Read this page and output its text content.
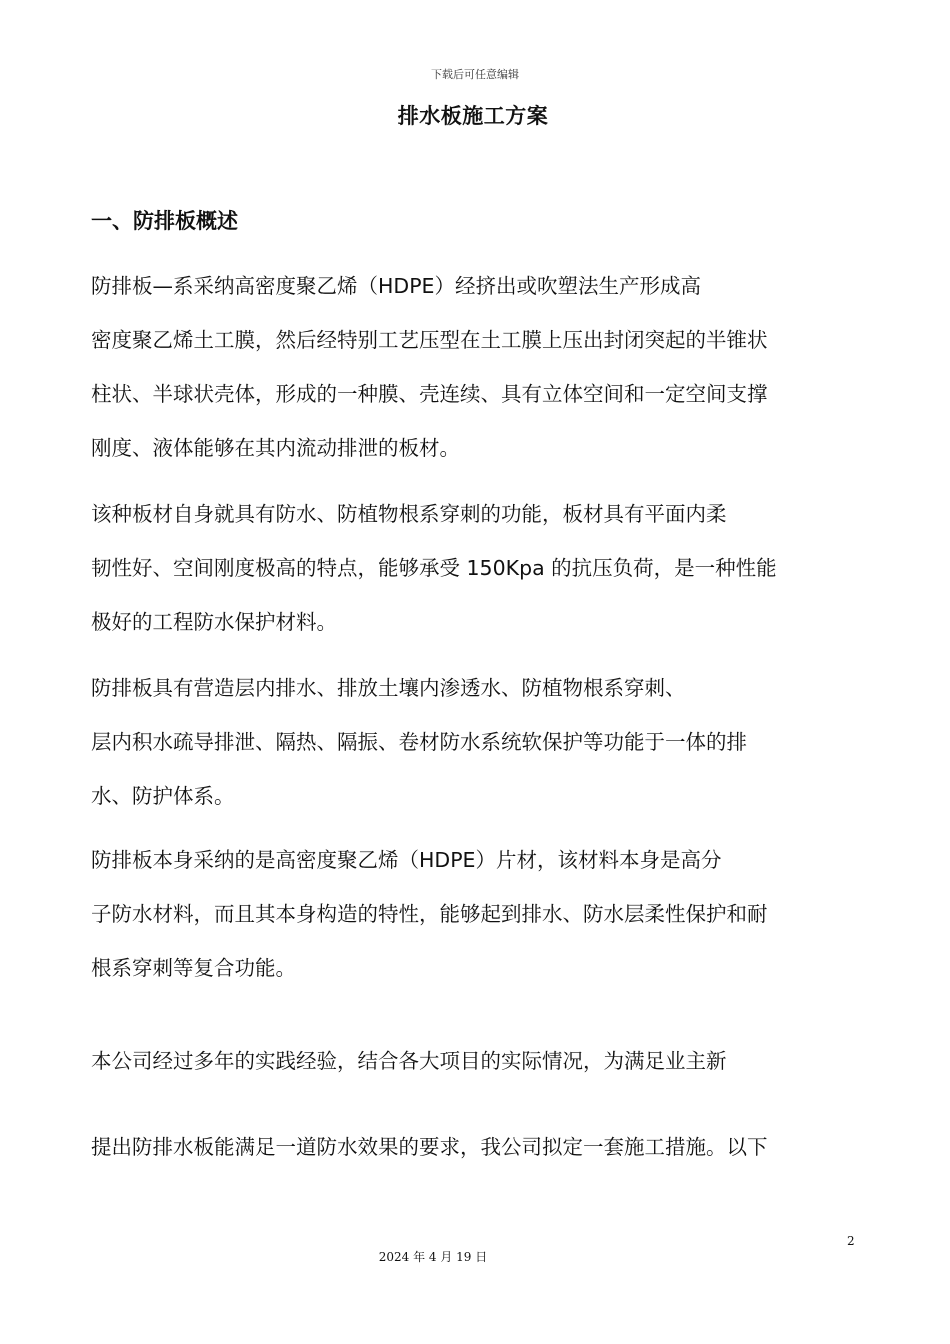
下载后可任意编辑
排水板施工方案
一、防排板概述

防排板—系采纳高密度聚乙烯（HDPE）经挤出或吹塑法生产形成高
密度聚乙烯土工膜，然后经特别工艺压型在土工膜上压出封闭突起的半锥状
柱状、半球状壳体，形成的一种膜、壳连续、具有立体空间和一定空间支撑
刚度、液体能够在其内流动排泄的板材。

该种板材自身就具有防水、防植物根系穿刺的功能，板材具有平面内柔
韧性好、空间刚度极高的特点，能够承受 150Kpa 的抗压负荷，是一种性能
极好的工程防水保护材料。

防排板具有营造层内排水、排放土壤内渗透水、防植物根系穿刺、
层内积水疏导排泄、隔热、隔振、卷材防水系统软保护等功能于一体的排
水、防护体系。

防排板本身采纳的是高密度聚乙烯（HDPE）片材，该材料本身是高分
子防水材料，而且其本身构造的特性，能够起到排水、防水层柔性保护和耐
根系穿刺等复合功能。

本公司经过多年的实践经验，结合各大项目的实际情况，为满足业主新
提出防排水板能满足一道防水效果的要求，我公司拟定一套施工措施。以下

2
2024 年 4 月 19 日
